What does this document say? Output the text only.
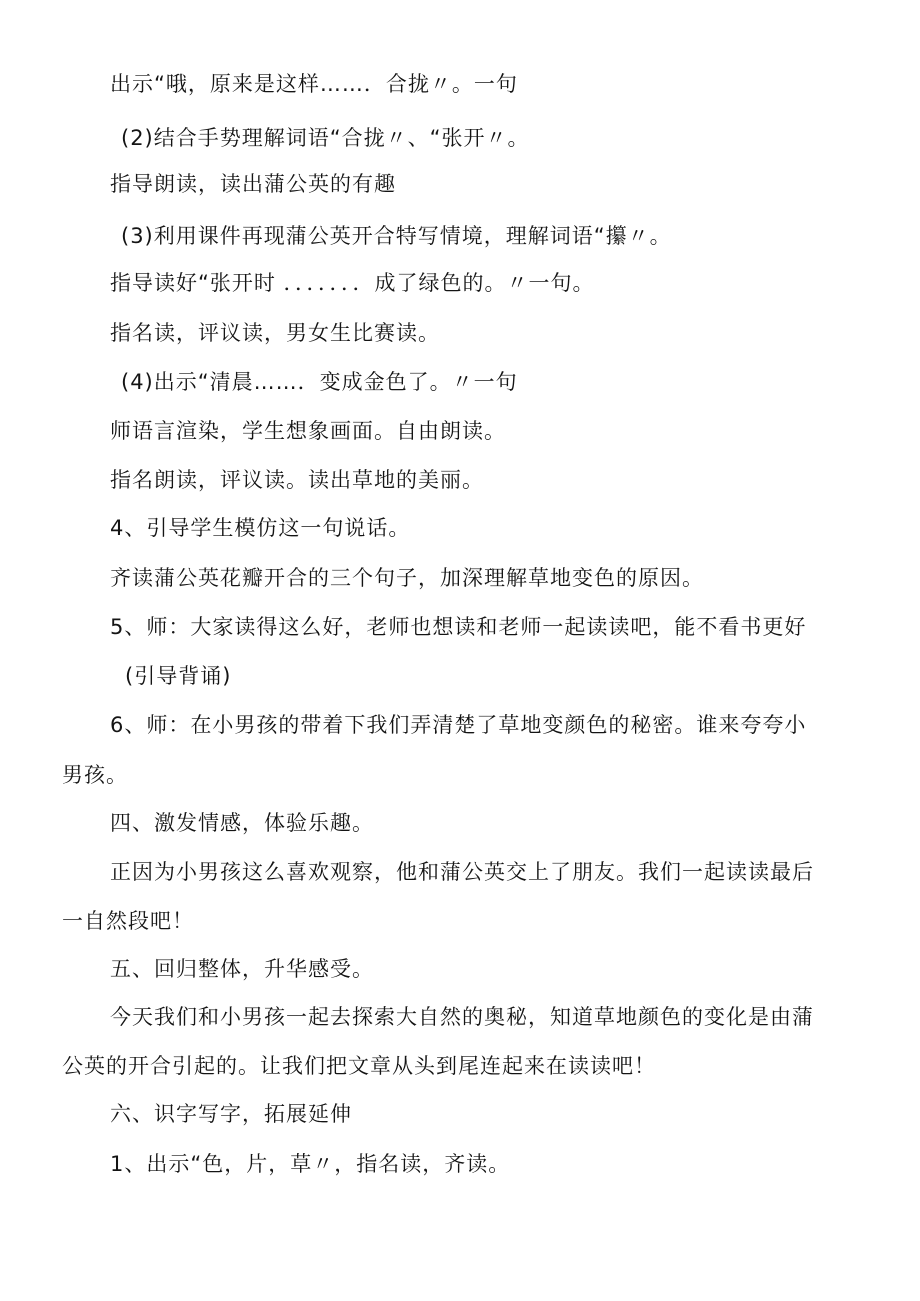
出示“哦，原来是这样……．合拢〃。一句
(2)结合手势理解词语“合拢〃、“张开〃。
指导朗读，读出蒲公英的有趣
(3)利用课件再现蒲公英开合特写情境，理解词语“攥〃。
指导读好“张开时 ．．．．．．．成了绿色的。〃一句。
指名读，评议读，男女生比赛读。
(4)出示“清晨……．变成金色了。〃一句
师语言渲染，学生想象画面。自由朗读。
指名朗读，评议读。读出草地的美丽。
4、引导学生模仿这一句说话。
齐读蒲公英花瓣开合的三个句子，加深理解草地变色的原因。
5、师：大家读得这么好，老师也想读和老师一起读读吧，能不看书更好
(引导背诵)
6、师：在小男孩的带着下我们弄清楚了草地变颜色的秘密。谁来夸夸小
男孩。
四、激发情感，体验乐趣。
正因为小男孩这么喜欢观察，他和蒲公英交上了朋友。我们一起读读最后
一自然段吧！
五、回归整体，升华感受。
今天我们和小男孩一起去探索大自然的奥秘，知道草地颜色的变化是由蒲
公英的开合引起的。让我们把文章从头到尾连起来在读读吧！
六、识字写字，拓展延伸
1、出示“色，片，草〃，指名读，齐读。
